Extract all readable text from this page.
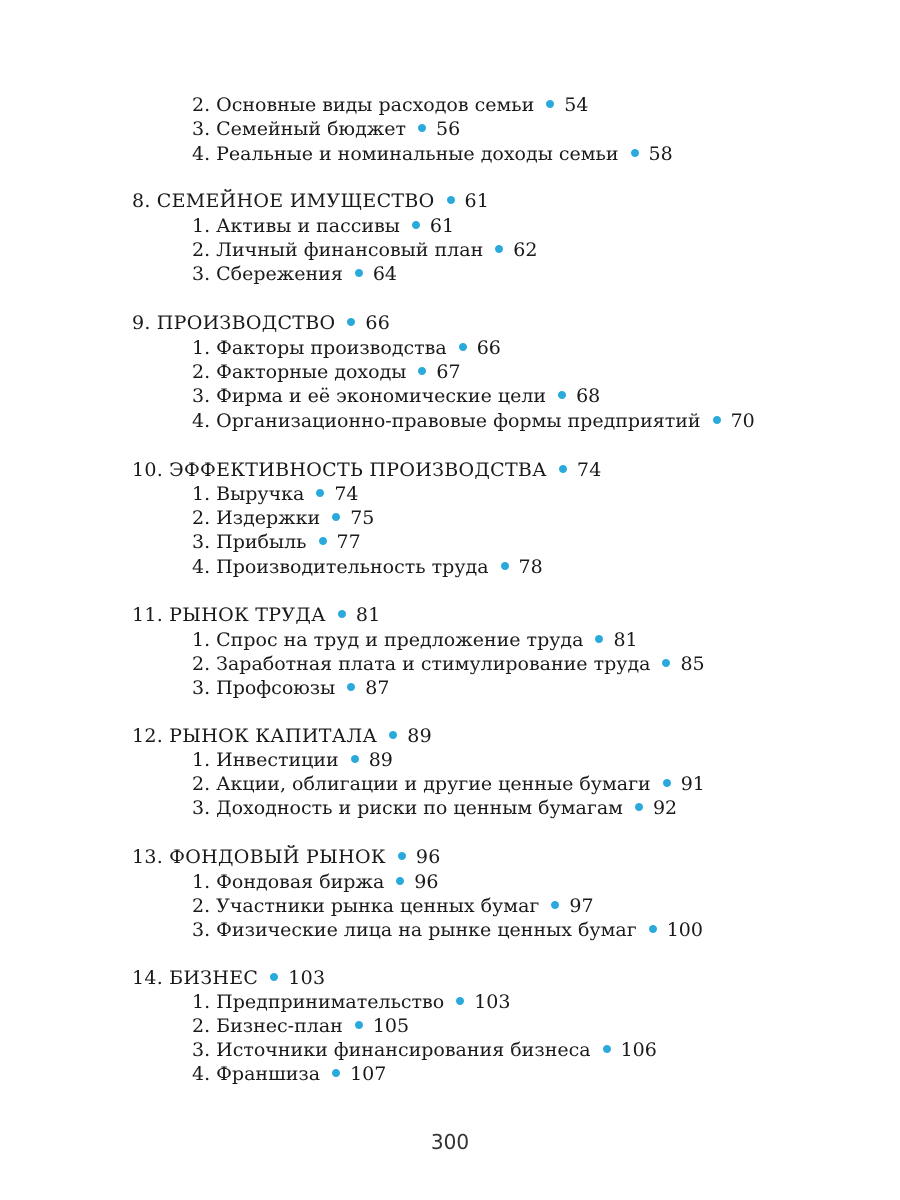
2. Основные виды расходов семьи 54
3. Семейный бюджет 56
4. Реальные и номинальные доходы семьи 58
8. СЕМЕЙНОЕ ИМУЩЕСТВО 61
1. Активы и пассивы 61
2. Личный финансовый план 62
3. Сбережения 64
9. ПРОИЗВОДСТВО 66
1. Факторы производства 66
2. Факторные доходы 67
3. Фирма и её экономические цели 68
4. Организационно-правовые формы предприятий 70
10. ЭФФЕКТИВНОСТЬ ПРОИЗВОДСТВА 74
1. Выручка 74
2. Издержки 75
3. Прибыль 77
4. Производительность труда 78
11. РЫНОК ТРУДА 81
1. Спрос на труд и предложение труда 81
2. Заработная плата и стимулирование труда 85
3. Профсоюзы 87
12. РЫНОК КАПИТАЛА 89
1. Инвестиции 89
2. Акции, облигации и другие ценные бумаги 91
3. Доходность и риски по ценным бумагам 92
13. ФОНДОВЫЙ РЫНОК 96
1. Фондовая биржа 96
2. Участники рынка ценных бумаг 97
3. Физические лица на рынке ценных бумаг 100
14. БИЗНЕС 103
1. Предпринимательство 103
2. Бизнес-план 105
3. Источники финансирования бизнеса 106
4. Франшиза 107
300
